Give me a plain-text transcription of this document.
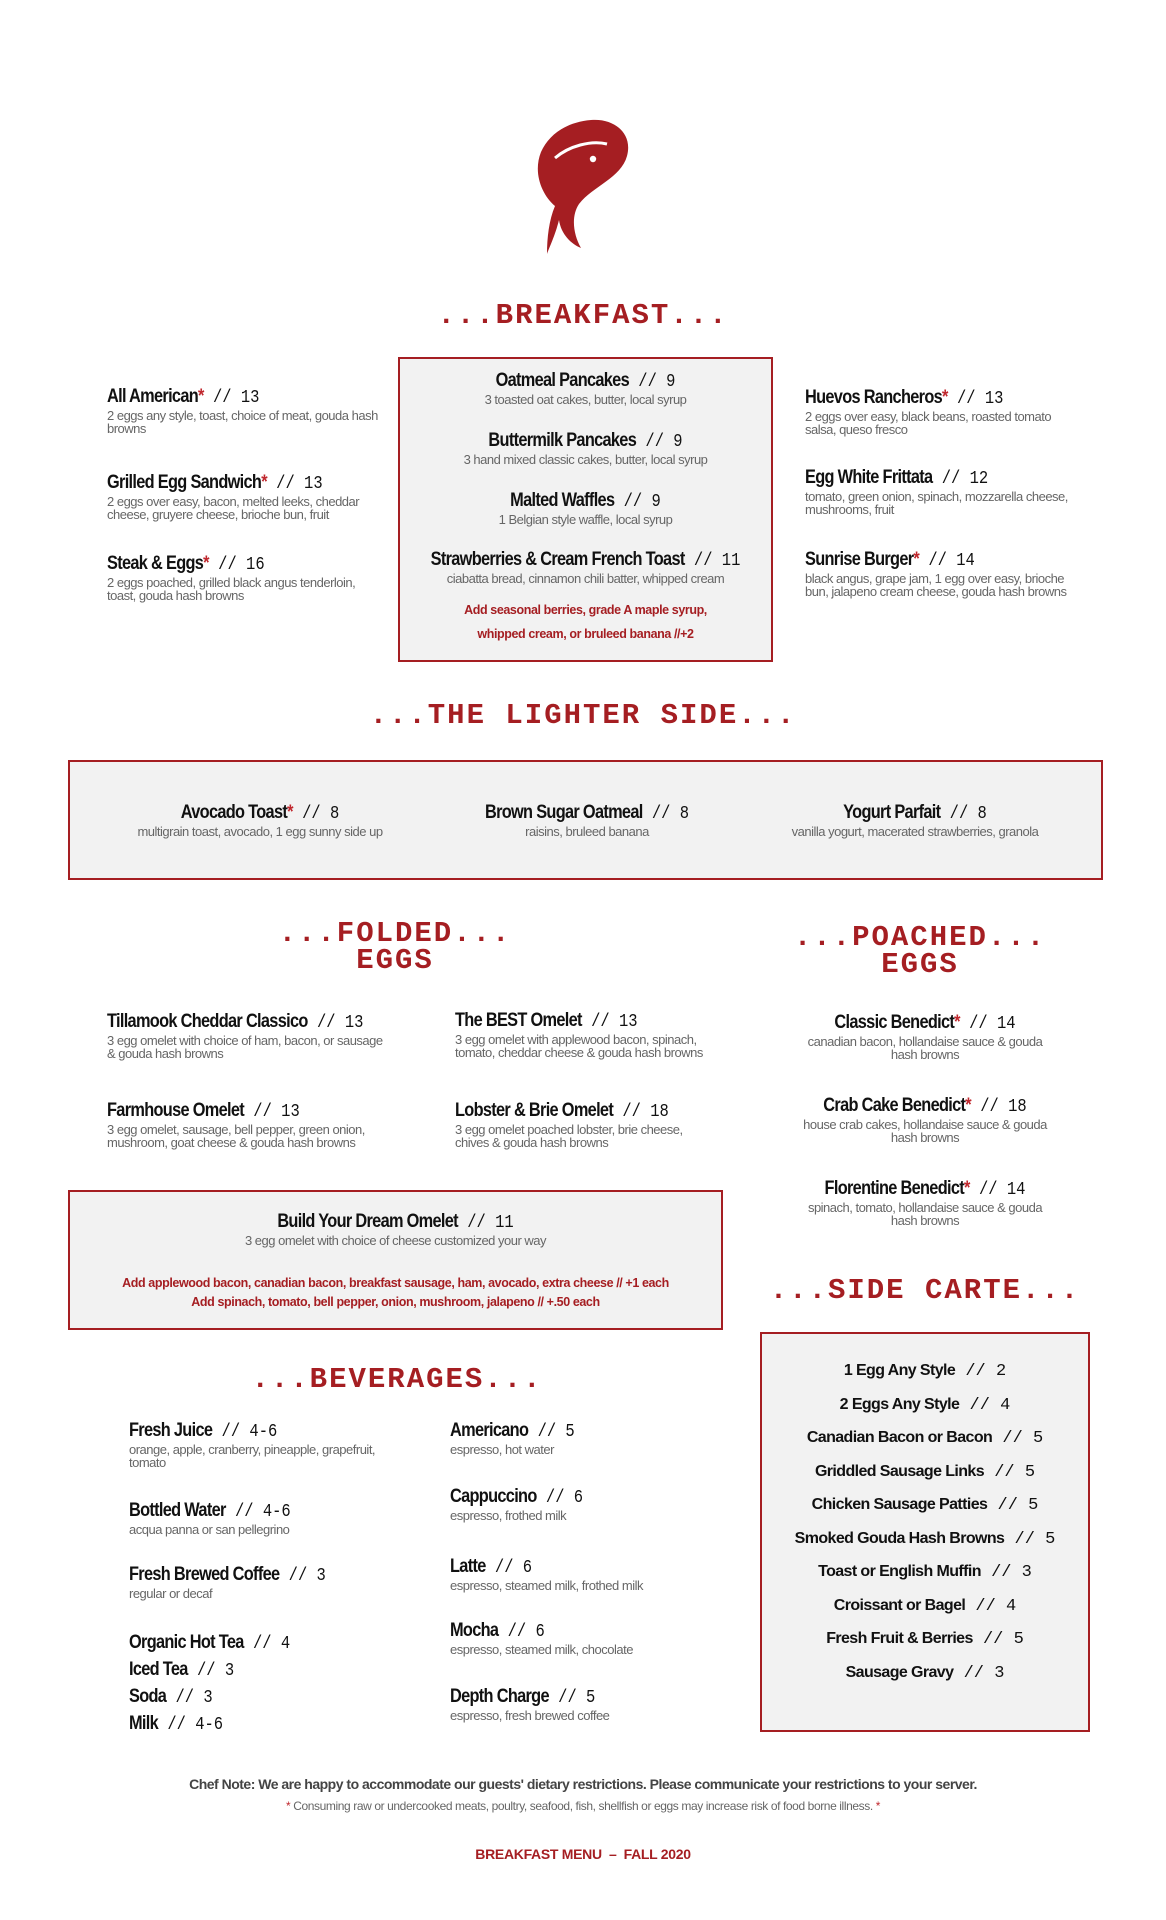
...BREAKFAST...
...THE LIGHTER SIDE...
...FOLDED...
EGGS
...POACHED...
EGGS
...BEVERAGES...
...SIDE CARTE...
All American* // 13
2 eggs any style, toast, choice of meat, gouda hash browns
Grilled Egg Sandwich* // 13
2 eggs over easy, bacon, melted leeks, cheddar cheese, gruyere cheese, brioche bun, fruit
Steak & Eggs* // 16
2 eggs poached, grilled black angus tenderloin, toast, gouda hash browns
Oatmeal Pancakes // 9
3 toasted oat cakes, butter, local syrup
Buttermilk Pancakes // 9
3 hand mixed classic cakes, butter, local syrup
Malted Waffles // 9
1 Belgian style waffle, local syrup
Strawberries & Cream French Toast // 11
ciabatta bread, cinnamon chili batter, whipped cream
Add seasonal berries, grade A maple syrup,
whipped cream, or bruleed banana //+2
Huevos Rancheros* // 13
2 eggs over easy, black beans, roasted tomato salsa, queso fresco
Egg White Frittata // 12
tomato, green onion, spinach, mozzarella cheese, mushrooms, fruit
Sunrise Burger* // 14
black angus, grape jam, 1 egg over easy, brioche bun, jalapeno cream cheese, gouda hash browns
Avocado Toast* // 8
multigrain toast, avocado, 1 egg sunny side up
Brown Sugar Oatmeal // 8
raisins, bruleed banana
Yogurt Parfait // 8
vanilla yogurt, macerated strawberries, granola
Tillamook Cheddar Classico // 13
3 egg omelet with choice of ham, bacon, or sausage & gouda hash browns
The BEST Omelet // 13
3 egg omelet with applewood bacon, spinach, tomato, cheddar cheese & gouda hash browns
Farmhouse Omelet // 13
3 egg omelet, sausage, bell pepper, green onion, mushroom, goat cheese & gouda hash browns
Lobster & Brie Omelet // 18
3 egg omelet poached lobster, brie cheese, chives & gouda hash browns
Build Your Dream Omelet // 11
3 egg omelet with choice of cheese customized your way
Add applewood bacon, canadian bacon, breakfast sausage, ham, avocado, extra cheese // +1 each
Add spinach, tomato, bell pepper, onion, mushroom, jalapeno // +.50 each
Classic Benedict* // 14
canadian bacon, hollandaise sauce & gouda hash browns
Crab Cake Benedict* // 18
house crab cakes, hollandaise sauce & gouda hash browns
Florentine Benedict* // 14
spinach, tomato, hollandaise sauce & gouda hash browns
1 Egg Any Style // 2
2 Eggs Any Style // 4
Canadian Bacon or Bacon // 5
Griddled Sausage Links // 5
Chicken Sausage Patties // 5
Smoked Gouda Hash Browns // 5
Toast or English Muffin // 3
Croissant or Bagel // 4
Fresh Fruit & Berries // 5
Sausage Gravy // 3
Fresh Juice // 4-6
orange, apple, cranberry, pineapple, grapefruit, tomato
Bottled Water // 4-6
acqua panna or san pellegrino
Fresh Brewed Coffee // 3
regular or decaf
Organic Hot Tea // 4
Iced Tea // 3
Soda // 3
Milk // 4-6
Americano // 5
espresso, hot water
Cappuccino // 6
espresso, frothed milk
Latte // 6
espresso, steamed milk, frothed milk
Mocha // 6
espresso, steamed milk, chocolate
Depth Charge // 5
espresso, fresh brewed coffee
Chef Note: We are happy to accommodate our guests' dietary restrictions. Please communicate your restrictions to your server.
* Consuming raw or undercooked meats, poultry, seafood, fish, shellfish or eggs may increase risk of food borne illness. *
BREAKFAST MENU  –  FALL 2020
